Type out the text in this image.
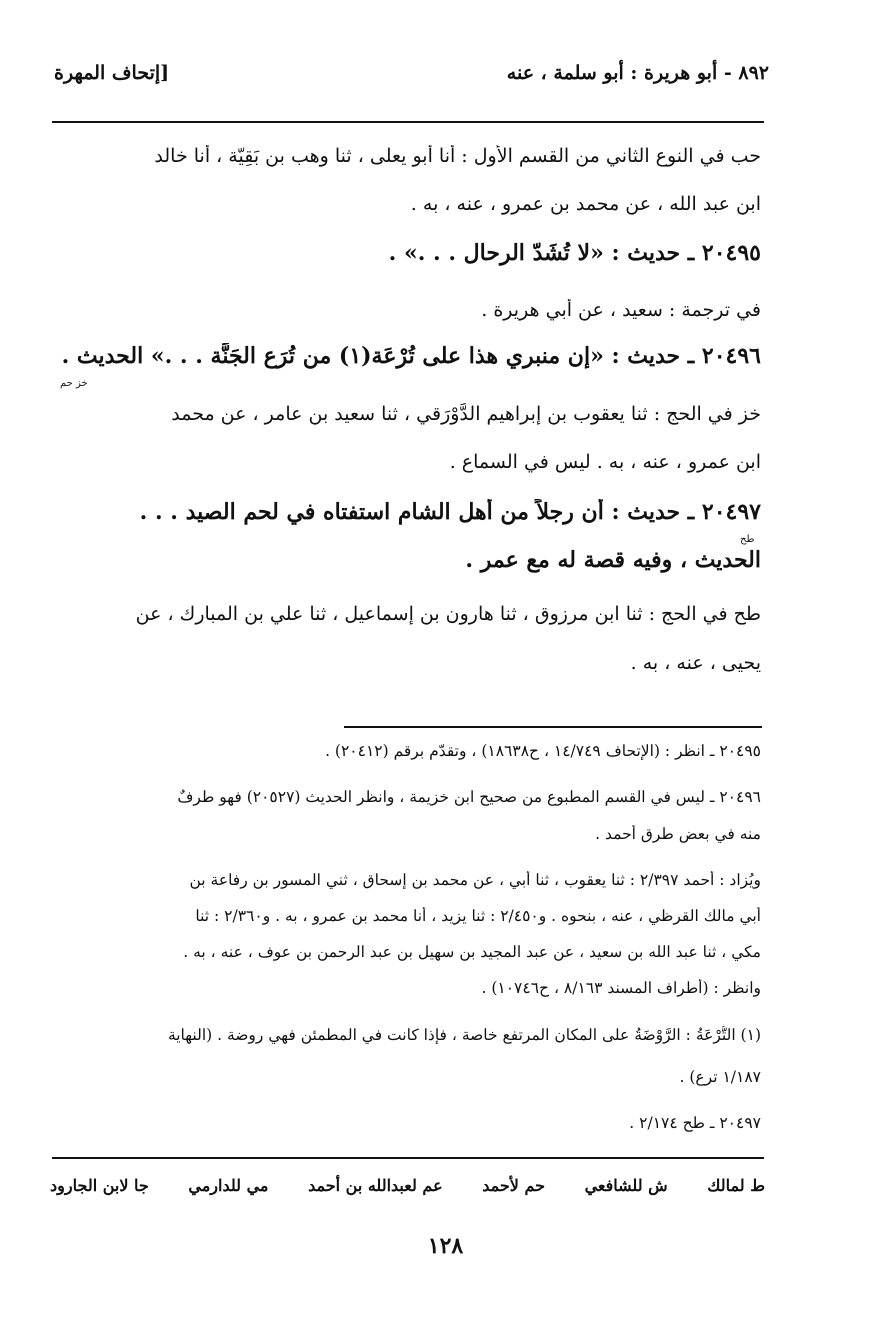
٨٩٢ - أبو هريرة : أبو سلمة ، عنه
[إتحاف المهرة
حب في النوع الثاني من القسم الأول : أنا أبو يعلى ، ثنا وهب بن بَقِيّة ، أنا خالد
ابن عبد الله ، عن محمد بن عمرو ، عنه ، به .
٢٠٤٩٥ ـ حديث : «لا تُشَدّ الرحال . . .» .
في ترجمة : سعيد ، عن أبي هريرة .
٢٠٤٩٦ ـ حديث : «إن منبري هذا على تُرْعَة(١) من تُرَع الجَنَّة . . .» الحديث .
خز في الحج : ثنا يعقوب بن إبراهيم الدَّوْرَقي ، ثنا سعيد بن عامر ، عن محمد
ابن عمرو ، عنه ، به . ليس في السماع .
٢٠٤٩٧ ـ حديث : أن رجلاً من أهل الشام استفتاه في لحم الصيد . . .
الحديث ، وفيه قصة له مع عمر .
طح في الحج : ثنا ابن مرزوق ، ثنا هارون بن إسماعيل ، ثنا علي بن المبارك ، عن
يحيى ، عنه ، به .
خز حم
طح
٢٠٤٩٥ ـ انظر : (الإتحاف ١٤/٧٤٩ ، ح١٨٦٣٨) ، وتقدّم برقم (٢٠٤١٢) .
٢٠٤٩٦ ـ ليس في القسم المطبوع من صحيح ابن خزيمة ، وانظر الحديث (٢٠٥٢٧) فهو طرفٌ
منه في بعض طرق أحمد .
ويُزاد : أحمد ٢/٣٩٧ : ثنا يعقوب ، ثنا أبي ، عن محمد بن إسحاق ، ثني المسور بن رفاعة بن
أبي مالك القرظي ، عنه ، بنحوه . و٢/٤٥٠ : ثنا يزيد ، أنا محمد بن عمرو ، به . و٢/٣٦٠ : ثنا
مكي ، ثنا عبد الله بن سعيد ، عن عبد المجيد بن سهيل بن عبد الرحمن بن عوف ، عنه ، به .
وانظر : (أطراف المسند ٨/١٦٣ ، ح١٠٧٤٦) .
(١) التُّرْعَةُ : الرَّوْضَةُ على المكان المرتفع خاصة ، فإذا كانت في المطمئن فهي روضة . (النهاية
١/١٨٧ ترع) .
٢٠٤٩٧ ـ طح ٢/١٧٤ .
ط لمالك
ش للشافعي
حم لأحمد
عم لعبدالله بن أحمد
مي للدارمي
جا لابن الجارود
١٢٨
